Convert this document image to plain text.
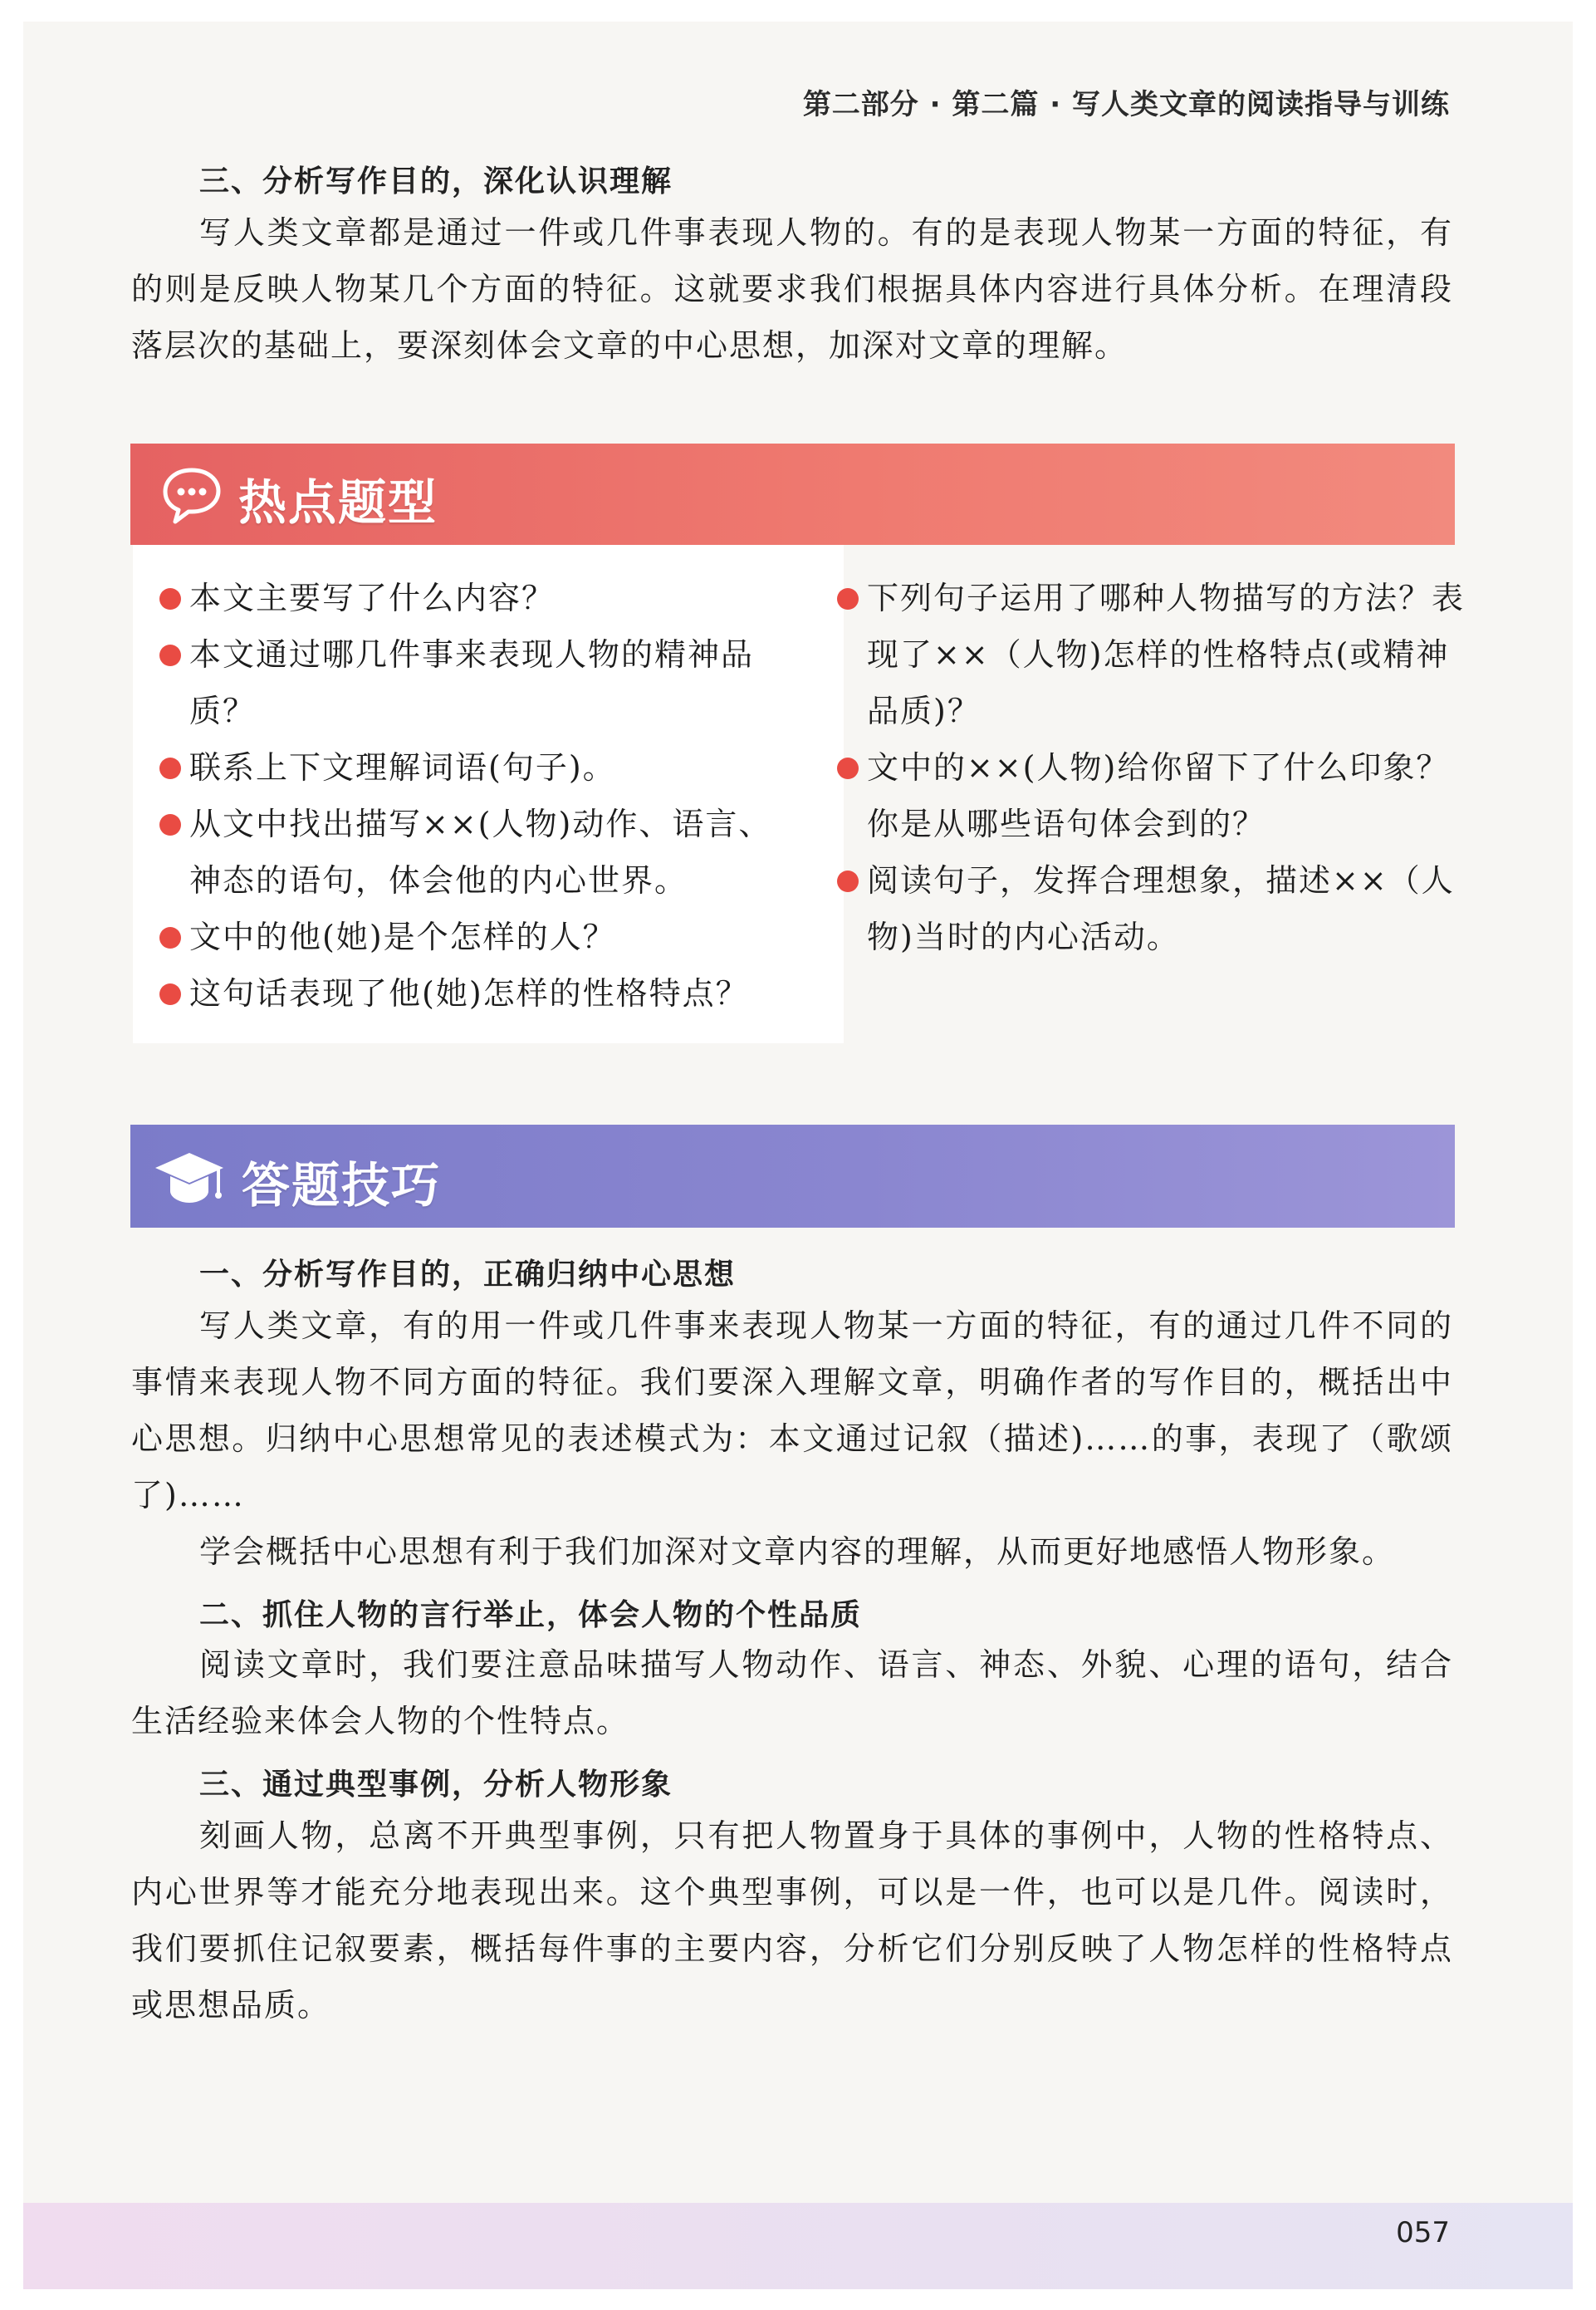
第二部分 · 第二篇 · 写人类文章的阅读指导与训练
三、分析写作目的，深化认识理解

写人类文章都是通过一件或几件事表现人物的。有的是表现人物某一方面的特征，有的则是反映人物某几个方面的特征。这就要求我们根据具体内容进行具体分析。在理清段落层次的基础上，要深刻体会文章的中心思想，加深对文章的理解。

热点题型
本文主要写了什么内容？
本文通过哪几件事来表现人物的精神品质？
联系上下文理解词语(句子)。
从文中找出描写××(人物)动作、语言、神态的语句，体会他的内心世界。
文中的他(她)是个怎样的人？
这句话表现了他(她)怎样的性格特点？
下列句子运用了哪种人物描写的方法？表现了××（人物)怎样的性格特点(或精神品质)？
文中的××(人物)给你留下了什么印象？你是从哪些语句体会到的？
阅读句子，发挥合理想象，描述××（人物)当时的内心活动。
答题技巧
一、分析写作目的，正确归纳中心思想

写人类文章，有的用一件或几件事来表现人物某一方面的特征，有的通过几件不同的事情来表现人物不同方面的特征。我们要深入理解文章，明确作者的写作目的，概括出中心思想。归纳中心思想常见的表述模式为：本文通过记叙（描述)……的事，表现了（歌颂了)……

学会概括中心思想有利于我们加深对文章内容的理解，从而更好地感悟人物形象。

二、抓住人物的言行举止，体会人物的个性品质

阅读文章时，我们要注意品味描写人物动作、语言、神态、外貌、心理的语句，结合生活经验来体会人物的个性特点。

三、通过典型事例，分析人物形象

刻画人物，总离不开典型事例，只有把人物置身于具体的事例中，人物的性格特点、内心世界等才能充分地表现出来。这个典型事例，可以是一件，也可以是几件。阅读时，我们要抓住记叙要素，概括每件事的主要内容，分析它们分别反映了人物怎样的性格特点或思想品质。

057
